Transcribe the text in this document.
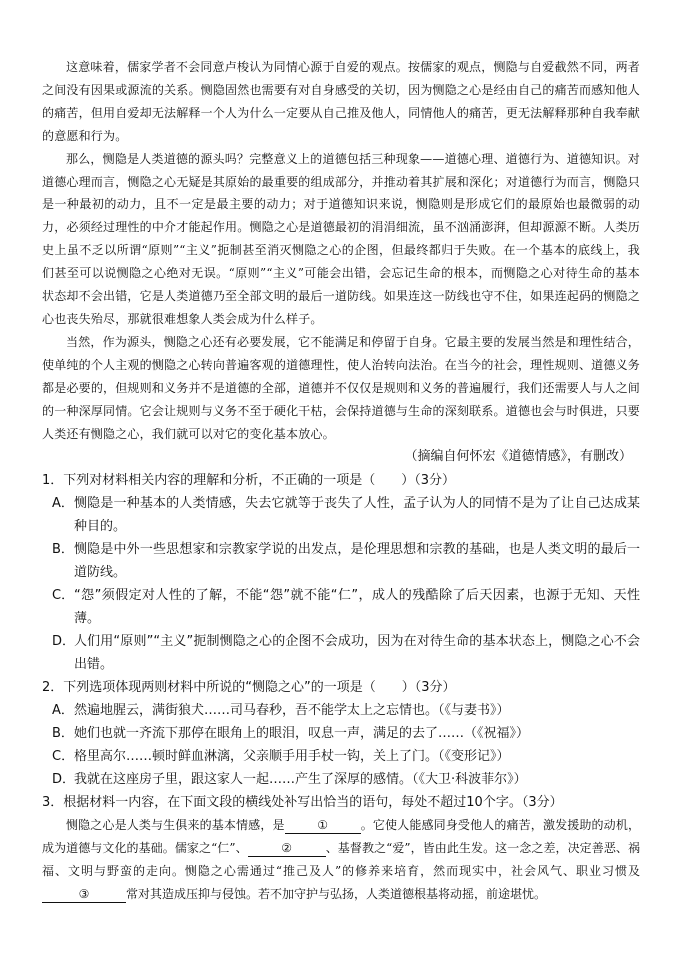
这意味着，儒家学者不会同意卢梭认为同情心源于自爱的观点。按儒家的观点，恻隐与自爱截然不同，两者之间没有因果或源流的关系。恻隐固然也需要有对自身感受的关切，因为恻隐之心是经由自己的痛苦而感知他人的痛苦，但用自爱却无法解释一个人为什么一定要从自己推及他人，同情他人的痛苦，更无法解释那种自我奉献的意愿和行为。

那么，恻隐是人类道德的源头吗？完整意义上的道德包括三种现象——道德心理、道德行为、道德知识。对道德心理而言，恻隐之心无疑是其原始的最重要的组成部分，并推动着其扩展和深化；对道德行为而言，恻隐只是一种最初的动力，且不一定是最主要的动力；对于道德知识来说，恻隐则是形成它们的最原始也最微弱的动力，必须经过理性的中介才能起作用。恻隐之心是道德最初的涓涓细流，虽不汹涌澎湃，但却源源不断。人类历史上虽不乏以所谓“原则”“主义”扼制甚至消灭恻隐之心的企图，但最终都归于失败。在一个基本的底线上，我们甚至可以说恻隐之心绝对无误。“原则”“主义”可能会出错，会忘记生命的根本，而恻隐之心对待生命的基本状态却不会出错，它是人类道德乃至全部文明的最后一道防线。如果连这一防线也守不住，如果连起码的恻隐之心也丧失殆尽，那就很难想象人类会成为什么样子。

当然，作为源头，恻隐之心还有必要发展，它不能满足和停留于自身。它最主要的发展当然是和理性结合，使单纯的个人主观的恻隐之心转向普遍客观的道德理性，使人治转向法治。在当今的社会，理性规则、道德义务都是必要的，但规则和义务并不是道德的全部，道德并不仅仅是规则和义务的普遍履行，我们还需要人与人之间的一种深厚同情。它会让规则与义务不至于硬化干枯，会保持道德与生命的深刻联系。道德也会与时俱进，只要人类还有恻隐之心，我们就可以对它的变化基本放心。

（摘编自何怀宏《道德情感》，有删改）
1．下列对材料相关内容的理解和分析，不正确的一项是（　　）（3分）
A． 恻隐是一种基本的人类情感，失去它就等于丧失了人性，孟子认为人的同情不是为了让自己达成某种目的。
B． 恻隐是中外一些思想家和宗教家学说的出发点，是伦理思想和宗教的基础，也是人类文明的最后一道防线。
C． “怨”须假定对人性的了解，不能“怨”就不能“仁”，成人的残酷除了后天因素，也源于无知、天性薄。
D．
人们用“原则”“主义”扼制恻隐之心的企图不会成功，因为在对待生命的基本状态上，恻隐之心不会出错。
2．下列选项体现两则材料中所说的“恻隐之心”的一项是（　　）（3分）
A． 然遍地腥云，满街狼犬……司马春秒，吾不能学太上之忘情也。（《与妻书》）
B． 她们也就一齐流下那停在眼角上的眼泪，叹息一声，满足的去了……（《祝福》）
C． 格里高尔……顿时鲜血淋漓，父亲顺手用手杖一钩，关上了门。（《变形记》）
D．
我就在这座房子里，跟这家人一起……产生了深厚的感情。（《大卫·科波菲尔》）
3．根据材料一内容，在下面文段的横线处补写出恰当的语句，每处不超过10个字。（3分）

恻隐之心是人类与生俱来的基本情感，是	①	。它使人能感同身受他人的痛苦，激发援助的动机，成为道德与文化的基础。儒家之“仁”、	②	、基督教之“爱”，皆由此生发。这一念之差，决定善恶、祸福、文明与野蛮的走向。恻隐之心需通过“推己及人”的修养来培育，然而现实中，社会风气、职业习惯及③	常对其造成压抑与侵蚀。若不加守护与弘扬，人类道德根基将动摇，前途堪忧。
